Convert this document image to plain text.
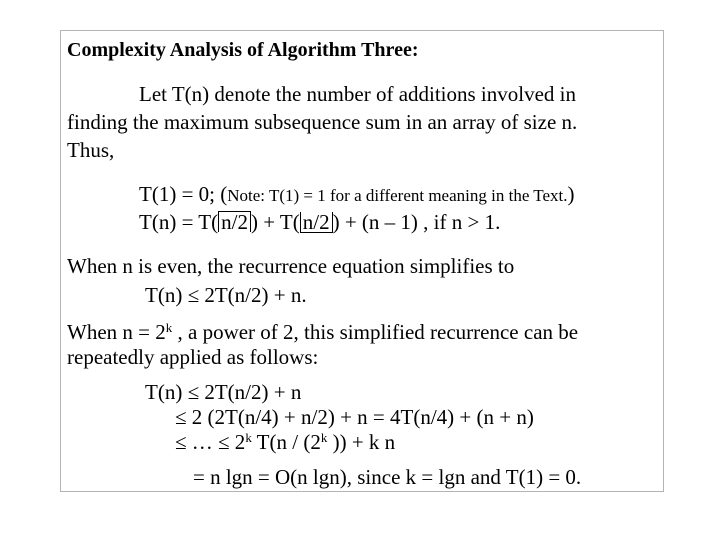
Complexity Analysis of Algorithm Three:
Let T(n) denote the number of additions involved in
finding the maximum subsequence sum in an array of size n.
Thus,
T(1) = 0; (Note: T(1) = 1 for a different meaning in the Text.)
T(n) = T( n/2 ) + T( n/2 ) + (n – 1) , if n > 1.
When n is even, the recurrence equation simplifies to
T(n) ≤ 2T(n/2) + n.
When $n = 2^k$ , a power of 2, this simplified recurrence can be
repeatedly applied as follows:
T(n) ≤ 2T(n/2) + n
≤ 2 (2T(n/4) + n/2) + n = 4T(n/4) + (n + n)
≤ … ≤ $2^k$ T(n / (2$^k$ )) + k n
= n lgn = O(n lgn), since k = lgn and T(1) = 0.
